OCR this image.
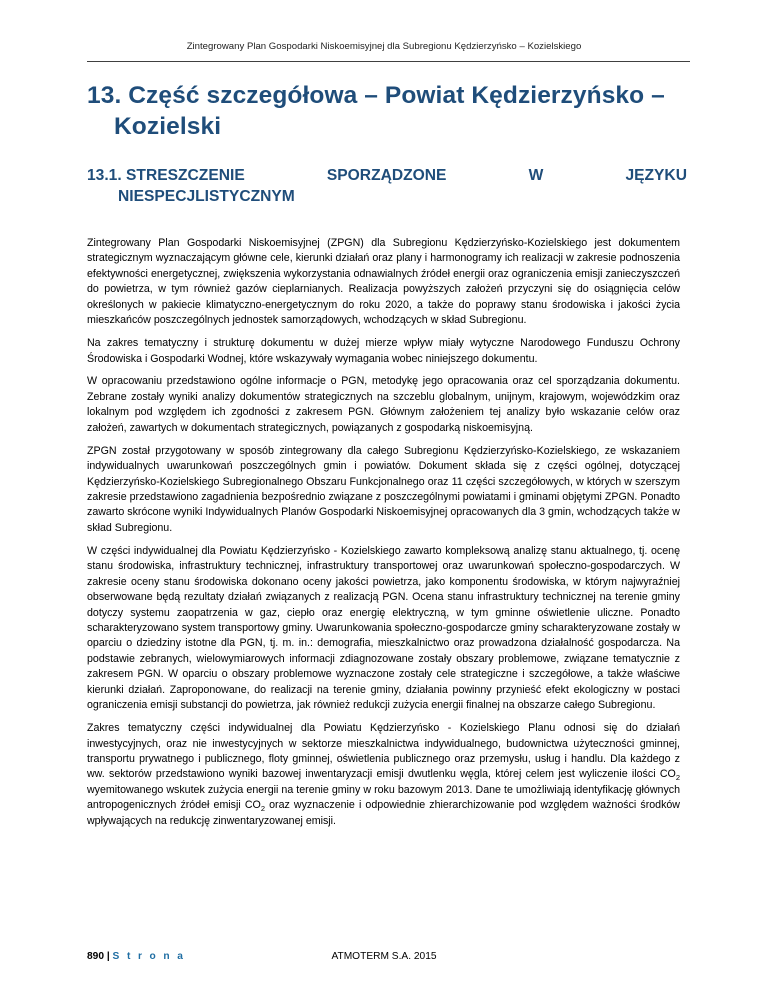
Zintegrowany Plan Gospodarki Niskoemisyjnej dla Subregionu Kędzierzyńsko – Kozielskiego
13. Część szczegółowa – Powiat Kędzierzyńsko –
Kozielski
13.1. STRESZCZENIE	SPORZĄDZONE	W	JĘZYKU
NIESPECJLISTYCZNYM

Zintegrowany Plan Gospodarki Niskoemisyjnej (ZPGN) dla Subregionu Kędzierzyńsko-Kozielskiego jest dokumentem strategicznym wyznaczającym główne cele, kierunki działań oraz plany i harmonogramy ich realizacji w zakresie podnoszenia efektywności energetycznej, zwiększenia wykorzystania odnawialnych źródeł energii oraz ograniczenia emisji zanieczyszczeń do powietrza, w tym również gazów cieplarnianych. Realizacja powyższych założeń przyczyni się do osiągnięcia celów określonych w pakiecie klimatyczno-energetycznym do roku 2020, a także do poprawy stanu środowiska i jakości życia mieszkańców poszczególnych jednostek samorządowych, wchodzących w skład Subregionu.

Na zakres tematyczny i strukturę dokumentu w dużej mierze wpływ miały wytyczne Narodowego Funduszu Ochrony Środowiska i Gospodarki Wodnej, które wskazywały wymagania wobec niniejszego dokumentu.

W opracowaniu przedstawiono ogólne informacje o PGN, metodykę jego opracowania oraz cel sporządzania dokumentu. Zebrane zostały wyniki analizy dokumentów strategicznych na szczeblu globalnym, unijnym, krajowym, wojewódzkim oraz lokalnym pod względem ich zgodności z zakresem PGN. Głównym założeniem tej analizy było wskazanie celów oraz założeń, zawartych w dokumentach strategicznych, powiązanych z gospodarką niskoemisyjną.

ZPGN został przygotowany w sposób zintegrowany dla całego Subregionu Kędzierzyńsko-Kozielskiego, ze wskazaniem indywidualnych uwarunkowań poszczególnych gmin i powiatów. Dokument składa się z części ogólnej, dotyczącej Kędzierzyńsko-Kozielskiego Subregionalnego Obszaru Funkcjonalnego oraz 11 części szczegółowych, w których w szerszym zakresie przedstawiono zagadnienia bezpośrednio związane z poszczególnymi powiatami i gminami objętymi ZPGN. Ponadto zawarto skrócone wyniki Indywidualnych Planów Gospodarki Niskoemisyjnej opracowanych dla 3 gmin, wchodzących także w skład Subregionu.

W części indywidualnej dla Powiatu Kędzierzyńsko - Kozielskiego zawarto kompleksową analizę stanu aktualnego, tj. ocenę stanu środowiska, infrastruktury technicznej, infrastruktury transportowej oraz uwarunkowań społeczno-gospodarczych. W zakresie oceny stanu środowiska dokonano oceny jakości powietrza, jako komponentu środowiska, w którym najwyraźniej obserwowane będą rezultaty działań związanych z realizacją PGN. Ocena stanu infrastruktury technicznej na terenie gminy dotyczy systemu zaopatrzenia w gaz, ciepło oraz energię elektryczną, w tym gminne oświetlenie uliczne. Ponadto scharakteryzowano system transportowy gminy. Uwarunkowania społeczno-gospodarcze gminy scharakteryzowane zostały w oparciu o dziedziny istotne dla PGN, tj. m. in.: demografia, mieszkalnictwo oraz prowadzona działalność gospodarcza. Na podstawie zebranych, wielowymiarowych informacji zdiagnozowane zostały obszary problemowe, związane tematycznie z zakresem PGN. W oparciu o obszary problemowe wyznaczone zostały cele strategiczne i szczegółowe, a także właściwe kierunki działań. Zaproponowane, do realizacji na terenie gminy, działania powinny przynieść efekt ekologiczny w postaci ograniczenia emisji substancji do powietrza, jak również redukcji zużycia energii finalnej na obszarze całego Subregionu.

Zakres tematyczny części indywidualnej dla Powiatu Kędzierzyńsko - Kozielskiego Planu odnosi się do działań inwestycyjnych, oraz nie inwestycyjnych w sektorze mieszkalnictwa indywidualnego, budownictwa użyteczności gminnej, transportu prywatnego i publicznego, floty gminnej, oświetlenia publicznego oraz przemysłu, usług i handlu. Dla każdego z ww. sektorów przedstawiono wyniki bazowej inwentaryzacji emisji dwutlenku węgla, której celem jest wyliczenie ilości $CO_2$ wyemitowanego wskutek zużycia energii na terenie gminy w roku bazowym 2013. Dane te umożliwiają identyfikację głównych antropogenicznych źródeł emisji $CO_2$ oraz wyznaczenie i odpowiednie zhierarchizowanie pod względem ważności środków wpływających na redukcję zinwentaryzowanej emisji.

890 | S t r o n a	ATMOTERM S.A. 2015
